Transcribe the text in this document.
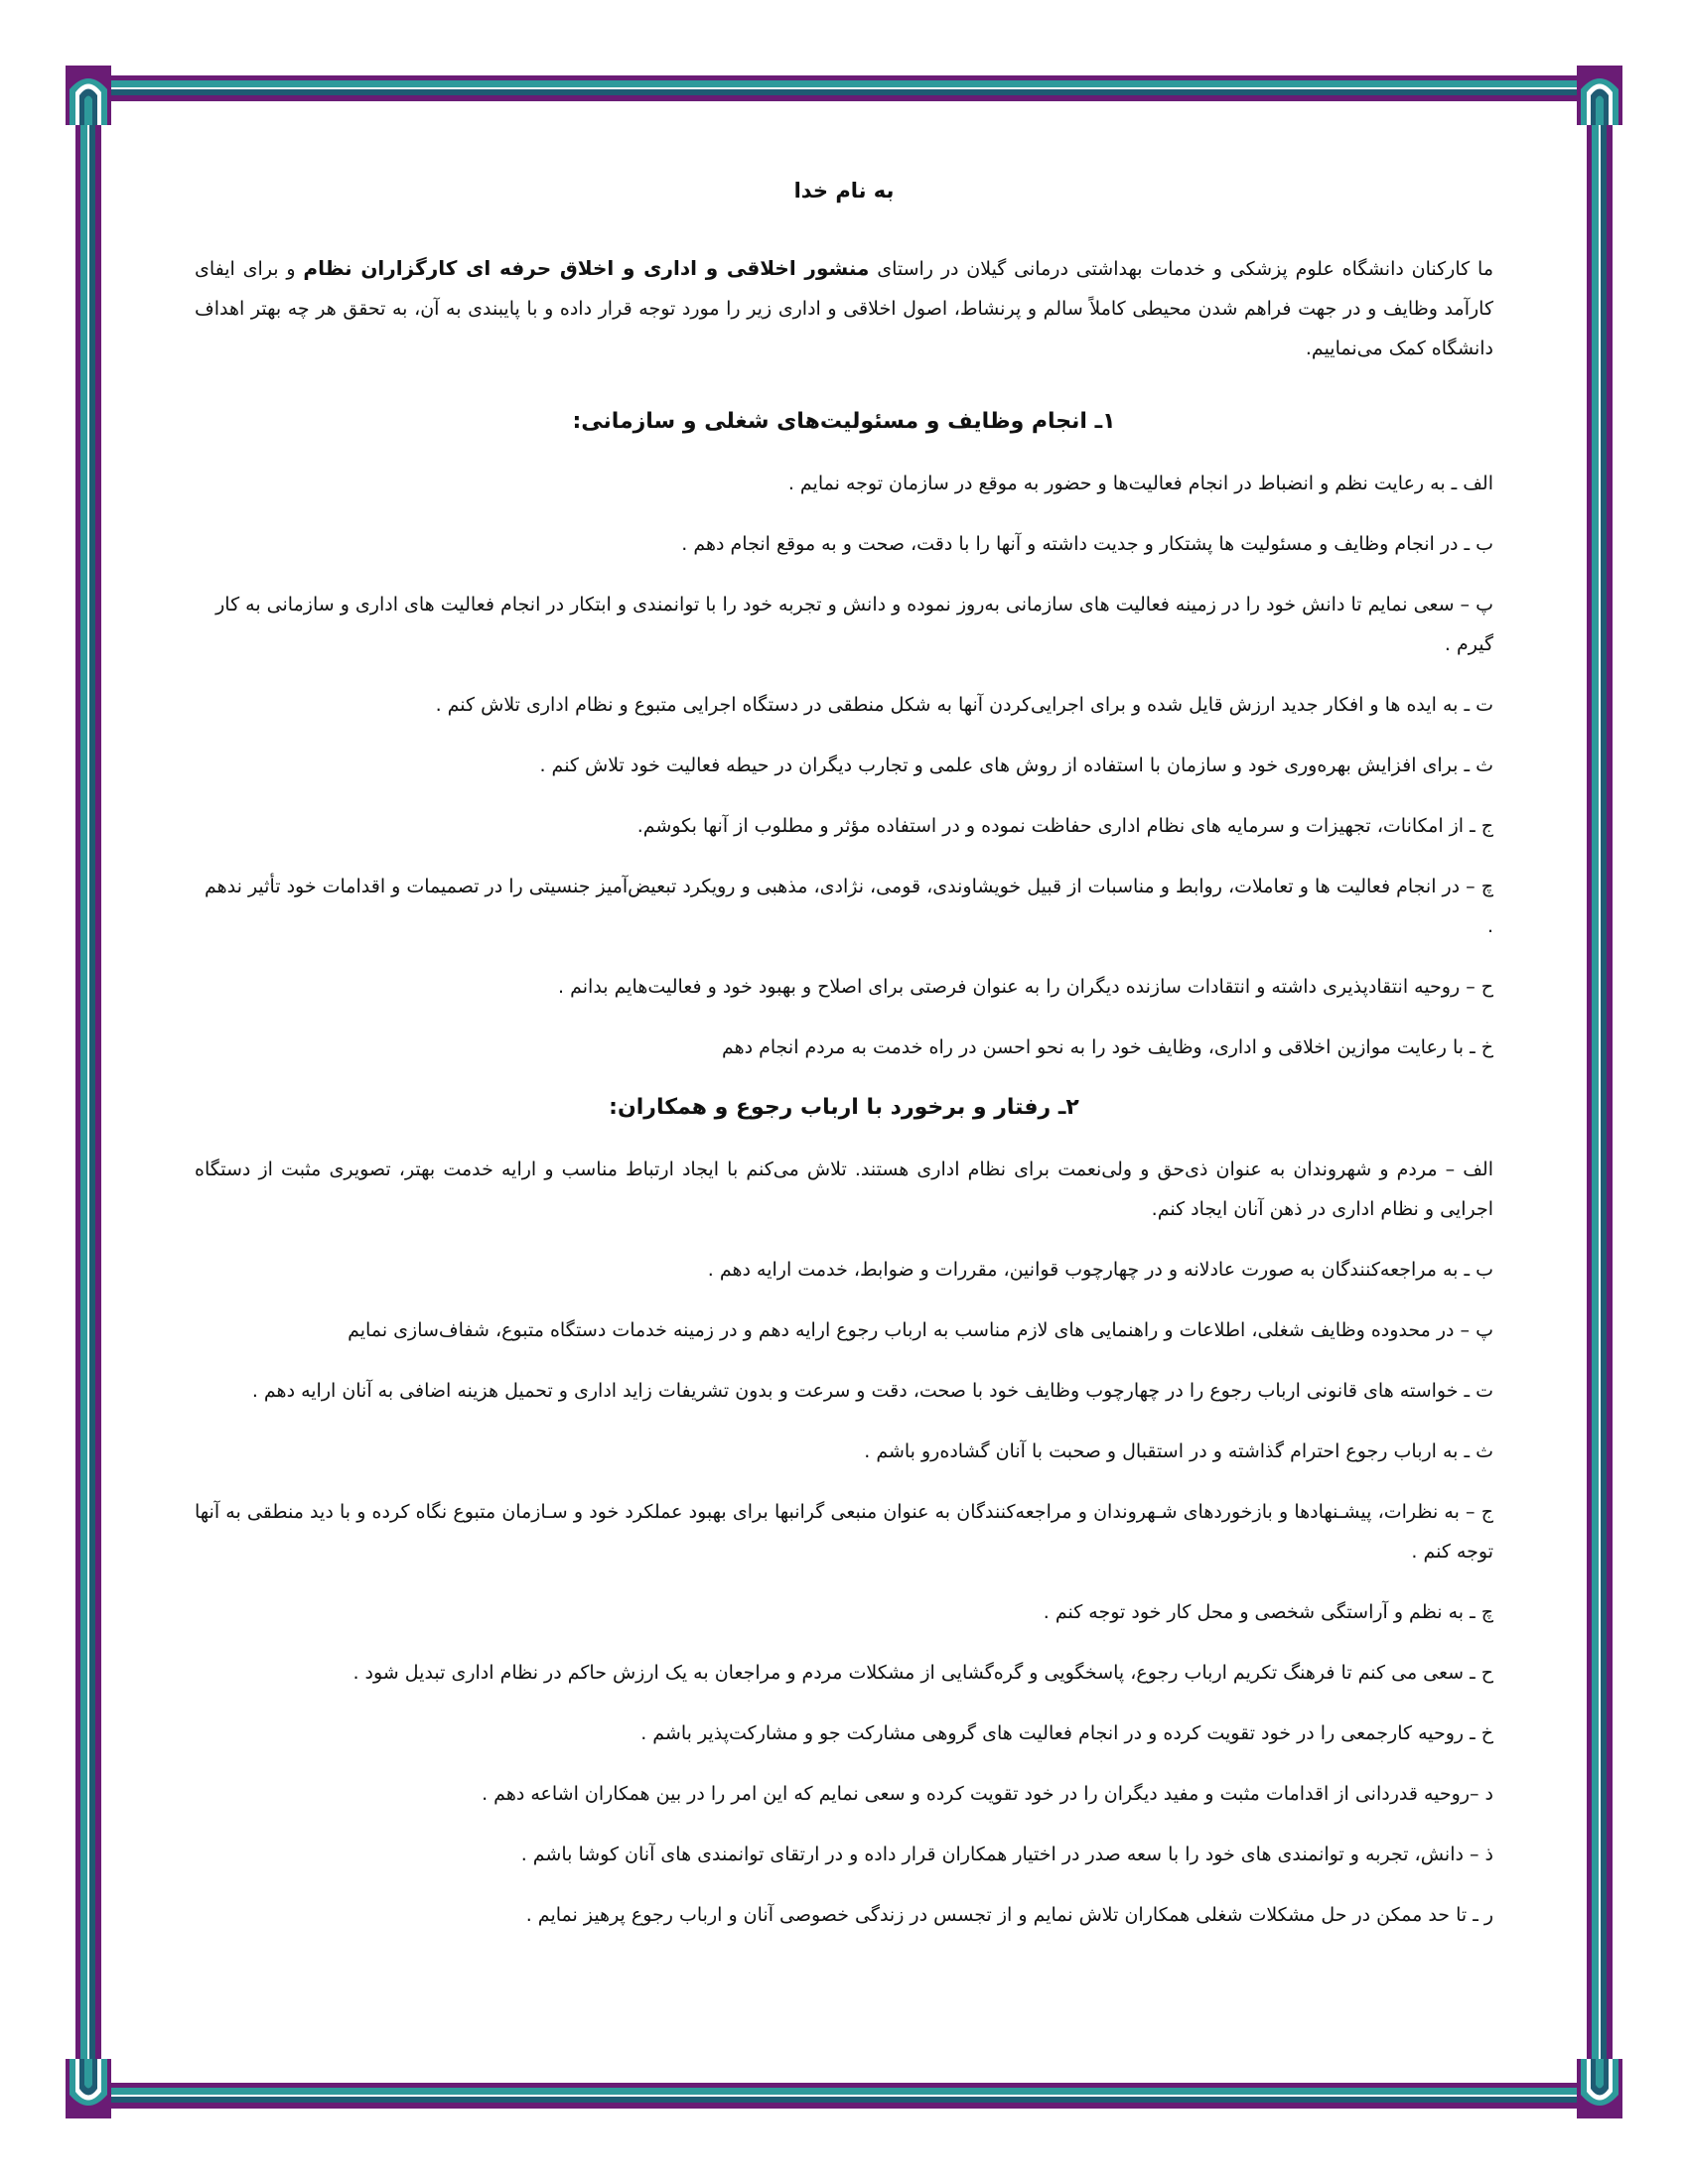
به نام خدا

ما کارکنان دانشگاه علوم پزشکی و خدمات بهداشتی درمانی گیلان در راستای منشور اخلاقی و اداری و اخلاق حرفه ای کارگزاران نظام و برای ایفای کارآمد وظایف و در جهت فراهم شدن محیطی کاملاً سالم و پرنشاط، اصول اخلاقی و اداری زیر را مورد توجه قرار داده و با پایبندی به آن، به تحقق هر چه بهتر اهداف دانشگاه کمک می‌نماییم.

۱ـ انجام وظایف و مسئولیت‌های شغلی و سازمانی:

الف ـ به رعایت نظم و انضباط در انجام فعالیت‌ها و حضور به موقع در سازمان توجه نمایم .

ب ـ در انجام وظایف و مسئولیت ها پشتکار و جدیت داشته و آنها را با دقت، صحت و به موقع انجام دهم .

پ – سعی نمایم تا دانش خود را در زمینه فعالیت های سازمانی به‌روز نموده و دانش و تجربه خود را با توانمندی و ابتکار در انجام فعالیت های اداری و سازمانی به کار گیرم .

ت ـ به ایده ها و افکار جدید ارزش قایل شده و برای اجرایی‌کردن آنها به شکل منطقی در دستگاه اجرایی متبوع و نظام اداری تلاش کنم .

ث ـ برای افزایش بهره‌وری خود و سازمان با استفاده از روش های علمی و تجارب دیگران در حیطه فعالیت خود تلاش کنم .

ج ـ از امکانات، تجهیزات و سرمایه های نظام اداری حفاظت نموده و در استفاده مؤثر و مطلوب از آنها بکوشم.

چ – در انجام فعالیت ها و تعاملات، روابط و مناسبات از قبیل خویشاوندی، قومی، نژادی، مذهبی و رویکرد تبعیض‌آمیز جنسیتی را در تصمیمات و اقدامات خود تأثیر ندهم .

ح – روحیه انتقادپذیری داشته و انتقادات سازنده دیگران را به عنوان فرصتی برای اصلاح و بهبود خود و فعالیت‌هایم بدانم .

خ ـ با رعایت موازین اخلاقی و اداری، وظایف خود را به نحو احسن در راه خدمت به مردم انجام دهم

۲ـ رفتار و برخورد با ارباب رجوع و همکاران:

الف – مردم و شهروندان به عنوان ذی‌حق و ولی‌نعمت برای نظام اداری هستند. تلاش می‌کنم با ایجاد ارتباط مناسب و ارایه خدمت بهتر، تصویری مثبت از دستگاه اجرایی و نظام اداری در ذهن آنان ایجاد کنم.

ب ـ به مراجعه‌کنندگان به صورت عادلانه و در چهارچوب قوانین، مقررات و ضوابط، خدمت ارایه دهم .

پ – در محدوده وظایف شغلی، اطلاعات و راهنمایی های لازم مناسب به ارباب رجوع ارایه دهم و در زمینه خدمات دستگاه متبوع، شفاف‌سازی نمایم

ت ـ خواسته های قانونی ارباب رجوع را در چهارچوب وظایف خود با صحت، دقت و سرعت و بدون تشریفات زاید اداری و تحمیل هزینه اضافی به آنان ارایه دهم .

ث ـ به ارباب رجوع احترام گذاشته و در استقبال و صحبت با آنان گشاده‌رو باشم .

ج – به نظرات، پیشـنهادها و بازخوردهای شـهروندان و مراجعه‌کنندگان به عنوان منبعی گرانبها برای بهبود عملکرد خود و سـازمان متبوع نگاه کرده و با دید منطقی به آنها توجه کنم .

چ ـ به نظم و آراستگی شخصی و محل کار خود توجه کنم .

ح ـ سعی می کنم تا فرهنگ تکریم ارباب رجوع، پاسخگویی و گره‌گشایی از مشکلات مردم و مراجعان به یک ارزش حاکم در نظام اداری تبدیل شود .

خ ـ روحیه کارجمعی را در خود تقویت کرده و در انجام فعالیت های گروهی مشارکت جو و مشارکت‌پذیر باشم .

د –روحیه قدردانی از اقدامات مثبت و مفید دیگران را در خود تقویت کرده و سعی نمایم که این امر را در بین همکاران اشاعه دهم .

ذ – دانش، تجربه و توانمندی های خود را با سعه صدر در اختیار همکاران قرار داده و در ارتقای توانمندی های آنان کوشا باشم .

ر ـ تا حد ممکن در حل مشکلات شغلی همکاران تلاش نمایم و از تجسس در زندگی خصوصی آنان و ارباب رجوع پرهیز نمایم .
